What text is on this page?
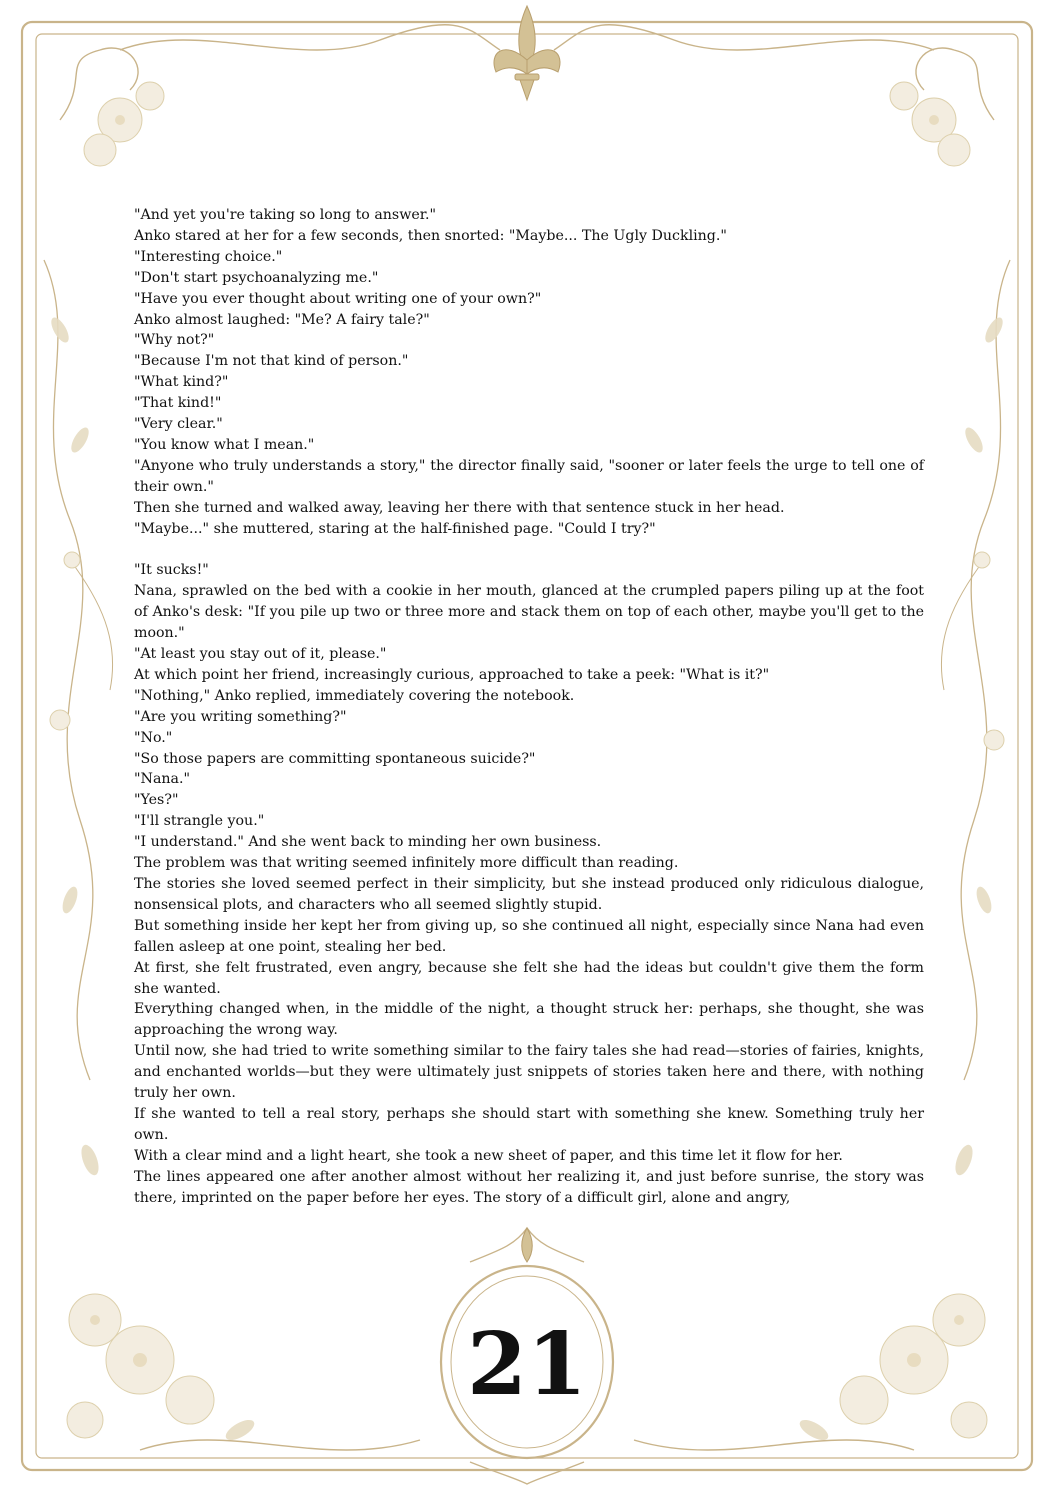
"And yet you're taking so long to answer."

Anko stared at her for a few seconds, then snorted: "Maybe... The Ugly Duckling."

"Interesting choice."

"Don't start psychoanalyzing me."

"Have you ever thought about writing one of your own?"

Anko almost laughed: "Me? A fairy tale?"

"Why not?"

"Because I'm not that kind of person."

"What kind?"

"That kind!"

"Very clear."

"You know what I mean."

"Anyone who truly understands a story," the director finally said, "sooner or later feels the urge to tell one of their own."

Then she turned and walked away, leaving her there with that sentence stuck in her head.

"Maybe..." she muttered, staring at the half-finished page. "Could I try?"

"It sucks!"

Nana, sprawled on the bed with a cookie in her mouth, glanced at the crumpled papers piling up at the foot of Anko's desk: "If you pile up two or three more and stack them on top of each other, maybe you'll get to the moon."

"At least you stay out of it, please."

At which point her friend, increasingly curious, approached to take a peek: "What is it?"

"Nothing," Anko replied, immediately covering the notebook.

"Are you writing something?"

"No."

"So those papers are committing spontaneous suicide?"

"Nana."

"Yes?"

"I'll strangle you."

"I understand." And she went back to minding her own business.

The problem was that writing seemed infinitely more difficult than reading.

The stories she loved seemed perfect in their simplicity, but she instead produced only ridiculous dialogue, nonsensical plots, and characters who all seemed slightly stupid.

But something inside her kept her from giving up, so she continued all night, especially since Nana had even fallen asleep at one point, stealing her bed.

At first, she felt frustrated, even angry, because she felt she had the ideas but couldn't give them the form she wanted.

Everything changed when, in the middle of the night, a thought struck her: perhaps, she thought, she was approaching the wrong way.

Until now, she had tried to write something similar to the fairy tales she had read—stories of fairies, knights, and enchanted worlds—but they were ultimately just snippets of stories taken here and there, with nothing truly her own.

If she wanted to tell a real story, perhaps she should start with something she knew. Something truly her own.

With a clear mind and a light heart, she took a new sheet of paper, and this time let it flow for her.

The lines appeared one after another almost without her realizing it, and just before sunrise, the story was there, imprinted on the paper before her eyes. The story of a difficult girl, alone and angry,

21
